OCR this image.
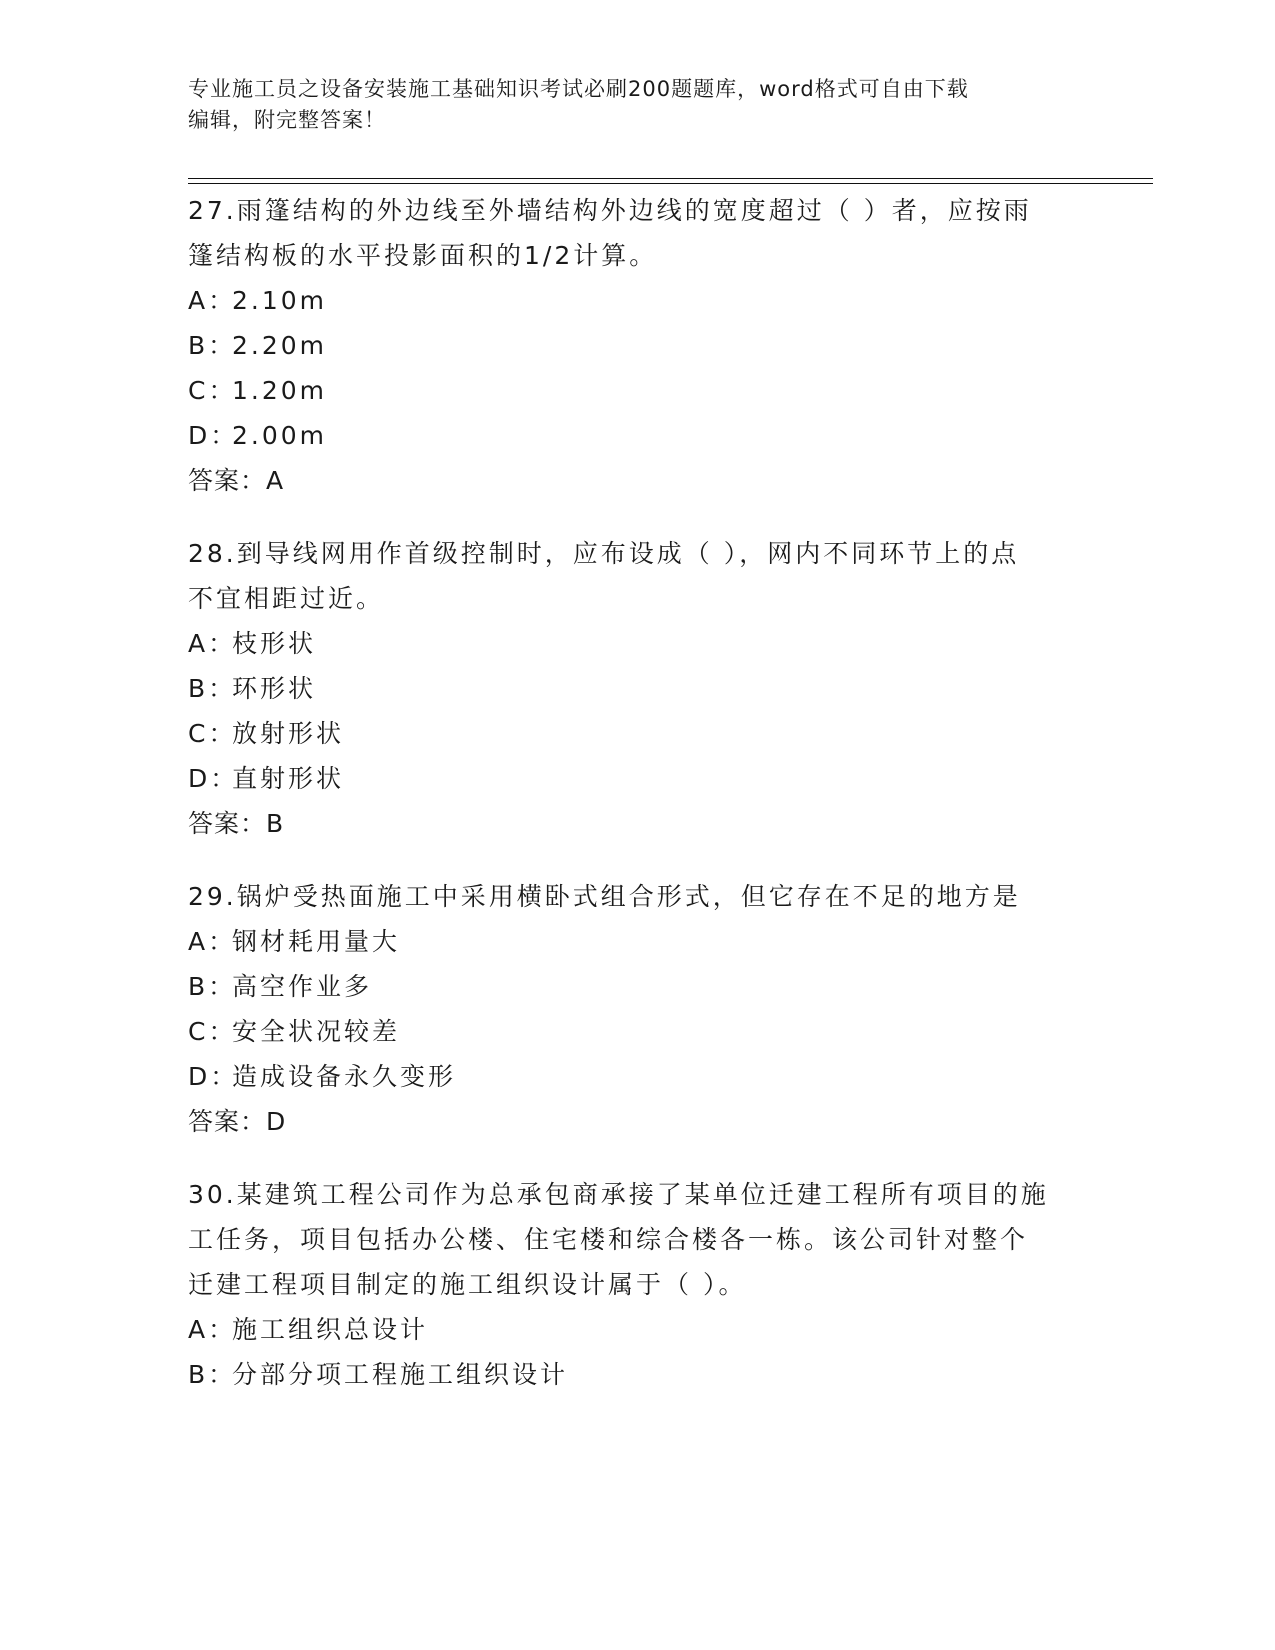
专业施工员之设备安装施工基础知识考试必刷200题题库，word格式可自由下载
编辑，附完整答案！
27.雨篷结构的外边线至外墙结构外边线的宽度超过（ ）者，应按雨
篷结构板的水平投影面积的1/2计算。
A：
2.10m
B：
2.20m
C：
1.20m
D：
2.00m
答案：A
28.到导线网用作首级控制时，应布设成（ ），网内不同环节上的点
不宜相距过近。
A：
枝形状
B：
环形状
C：
放射形状
D：
直射形状
答案：B
29.锅炉受热面施工中采用横卧式组合形式，但它存在不足的地方是
A：
钢材耗用量大
B：
高空作业多
C：
安全状况较差
D：
造成设备永久变形
答案：D
30.某建筑工程公司作为总承包商承接了某单位迁建工程所有项目的施
工任务，项目包括办公楼、住宅楼和综合楼各一栋。该公司针对整个
迁建工程项目制定的施工组织设计属于（ ）。
A：
施工组织总设计
B：
分部分项工程施工组织设计
